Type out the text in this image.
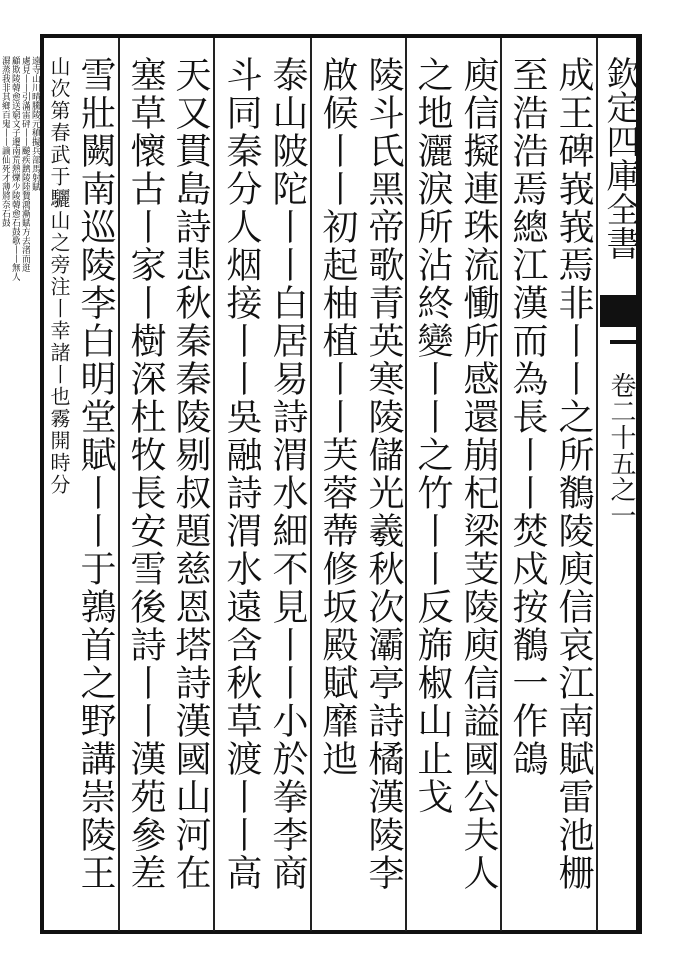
欽定四庫全書
卷二十五之一
成王碑峩峩焉非丨丨之所鶺陵庾信哀江南賦雷池栅
至浩浩焉總江漢而為長丨丨焚戍按鶺一作鴿
庾信擬連珠流慟所感還崩杞梁芰陵庾信謚國公夫人
之地灑淚所沾終變丨丨之竹丨丨反旆椒山止戈
陵斗氏黑帝歌青英寒陵儲光羲秋次灞亭詩橘漢陵李
啟候丨丨初起柚植丨丨芙蓉蔕修坂殿賦靡迆
泰山陂陀丨丨白居易詩渭水細不見丨丨小於拳李商
斗同秦分人烟接丨丨吳融詩渭水遠含秋草渡丨丨高
天又貫島詩悲秋秦秦陵剔叔題慈恩塔詩漢國山河在
塞草懷古丨家丨樹深杜牧長安雪後詩丨丨漢苑參差
雪壯闕南巡陵李白明堂賦丨丨于鶉首之野講崇陵王
山次第春武于驪山之旁注丨幸諸丨也霧開時分
遠寺山川晴騰陵元稹擬兵部馬射賦
處見丨丨引滿雷砰丨丨飈疾躋陵陸贄鴻漸賦方去渚而逛
顧欺陵韓愈送窮文子遷南荒熱爍少陵韓愈石鼓歌丨丨無人
濕蒸我非其鄉百鬼丨丨謫仙死才薄將奈石鼓
